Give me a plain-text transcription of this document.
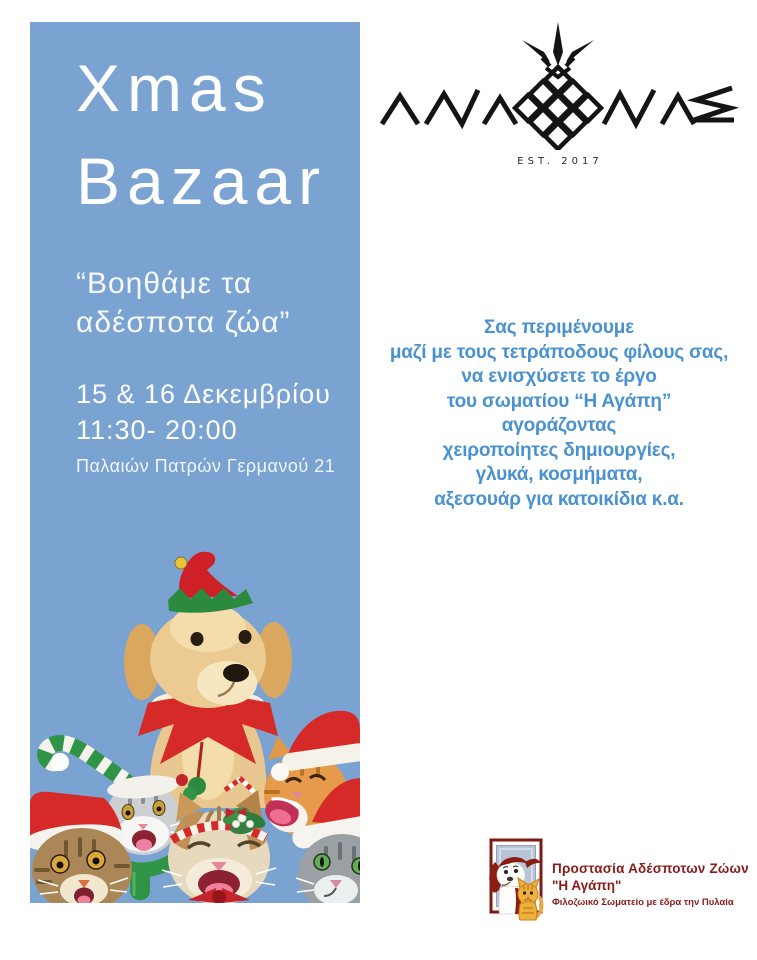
Xmas
Bazaar
“Βοηθάμε τα
αδέσποτα ζώα”
15 & 16 Δεκεμβρίου
11:30- 20:00
Παλαιών Πατρών Γερμανού 21
EST. 2017
Σας περιμένουμε
μαζί με τους τετράποδους φίλους σας,
να ενισχύσετε το έργο
του σωματίου “Η Αγάπη”
αγοράζοντας
χειροποίητες δημιουργίες,
γλυκά, κοσμήματα,
αξεσουάρ για κατοικίδια κ.α.
Προστασία Αδέσποτων Ζώων
"Η Αγάπη"
Φιλοζωικό Σωματείο με έδρα την Πυλαία
